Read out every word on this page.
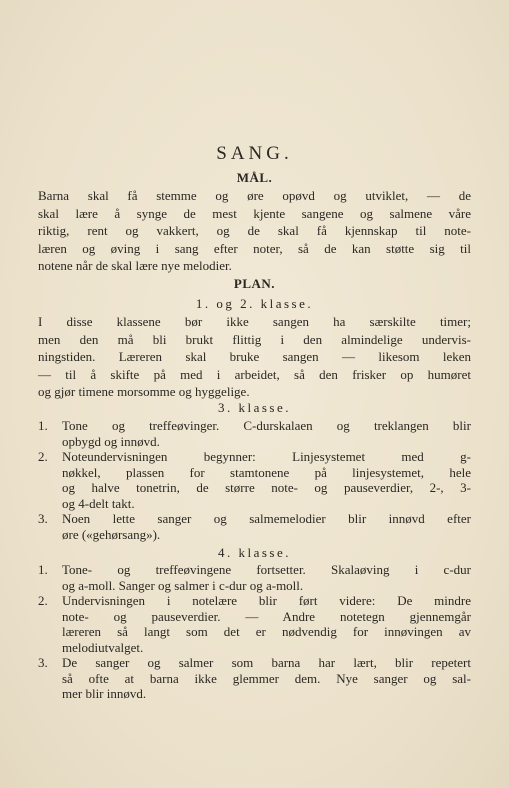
SANG.
MÅL.
Barna skal få stemme og øre opøvd og utviklet, — de
skal lære å synge de mest kjente sangene og salmene våre
riktig, rent og vakkert, og de skal få kjennskap til note-
læren og øving i sang efter noter, så de kan støtte sig til
notene når de skal lære nye melodier.
PLAN.
1. og 2. klasse.
I disse klassene bør ikke sangen ha særskilte timer;
men den må bli brukt flittig i den almindelige undervis-
ningstiden. Læreren skal bruke sangen — likesom leken
— til å skifte på med i arbeidet, så den frisker op humøret
og gjør timene morsomme og hyggelige.
3. klasse.
1.	Tone og treffeøvinger. C-durskalaen og treklangen blir
opbygd og innøvd.
2.	Noteundervisningen begynner: Linjesystemet med g-
nøkkel, plassen for stamtonene på linjesystemet, hele
og halve tonetrin, de større note- og pauseverdier, 2-, 3-
og 4-delt takt.
3.	Noen lette sanger og salmemelodier blir innøvd efter
øre («gehørsang»).
4. klasse.
1.	Tone- og treffeøvingene fortsetter. Skalaøving i c-dur
og a-moll. Sanger og salmer i c-dur og a-moll.
2.	Undervisningen i notelære blir ført videre: De mindre
note- og pauseverdier. — Andre notetegn gjennemgår
læreren så langt som det er nødvendig for innøvingen av
melodiutvalget.
3.	De sanger og salmer som barna har lært, blir repetert
så ofte at barna ikke glemmer dem. Nye sanger og sal-
mer blir innøvd.
